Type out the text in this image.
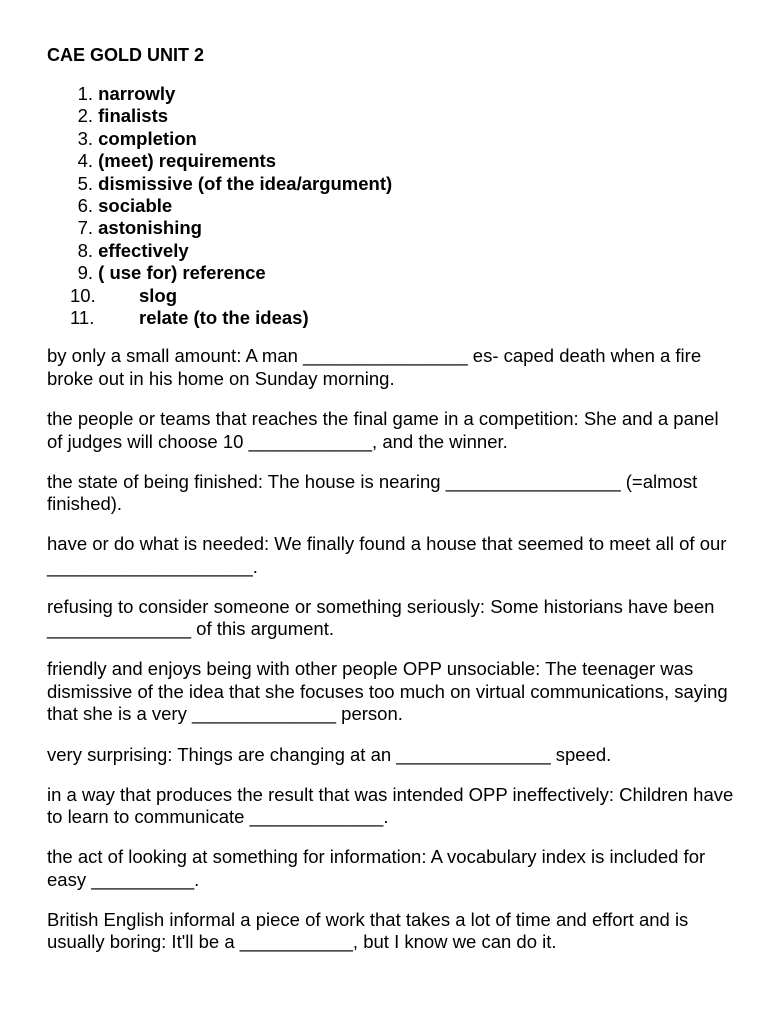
CAE GOLD UNIT 2
1. narrowly
2. finalists
3. completion
4. (meet) requirements
5. dismissive (of the idea/argument)
6. sociable
7. astonishing
8. effectively
9. ( use for) reference
10. slog
11. relate (to the ideas)

by only a small amount: A man ________________ es- caped death when a fire broke out in his home on Sunday morning.

the people or teams that reaches the final game in a competition: She and a panel of judges will choose 10 ____________, and the winner.

the state of being finished: The house is nearing _________________ (=almost finished).

have or do what is needed: We finally found a house that seemed to meet all of our ____________________.

refusing to consider someone or something seriously: Some historians have been ______________ of this argument.

friendly and enjoys being with other people OPP unsociable: The teenager was dismissive of the idea that she focuses too much on virtual communications, saying that she is a very ______________ person.

very surprising: Things are changing at an _______________ speed.

in a way that produces the result that was intended OPP ineffectively: Children have to learn to communicate _____________.

the act of looking at something for information: A vocabulary index is included for easy __________.

British English informal a piece of work that takes a lot of time and effort and is usually boring: It'll be a ___________, but I know we can do it.
